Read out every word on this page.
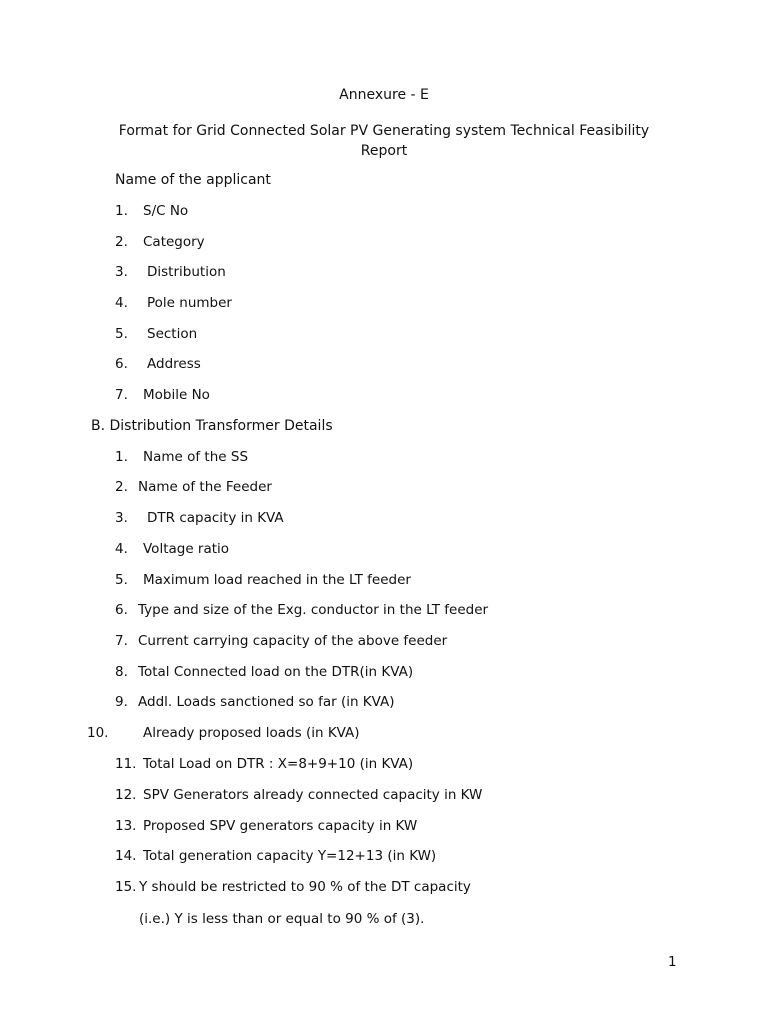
Annexure - E
Format for Grid Connected Solar PV Generating system Technical Feasibility Report
Name of the applicant
1. S/C No
2. Category
3. Distribution
4. Pole number
5. Section
6. Address
7. Mobile No
B. Distribution Transformer Details
1. Name of the SS
2. Name of the Feeder
3. DTR capacity in KVA
4. Voltage ratio
5. Maximum load reached in the LT feeder
6. Type and size of the Exg. conductor in the LT feeder
7. Current carrying capacity of the above feeder
8. Total Connected load on the DTR(in KVA)
9. Addl. Loads sanctioned so far (in KVA)
10.	Already proposed loads (in KVA)
11. Total Load on DTR : X=8+9+10 (in KVA)
12. SPV Generators already connected capacity in KW
13. Proposed SPV generators capacity in KW
14. Total generation capacity Y=12+13 (in KW)
15. Y should be restricted to 90 % of the DT capacity
(i.e.) Y is less than or equal to 90 % of (3).
1
